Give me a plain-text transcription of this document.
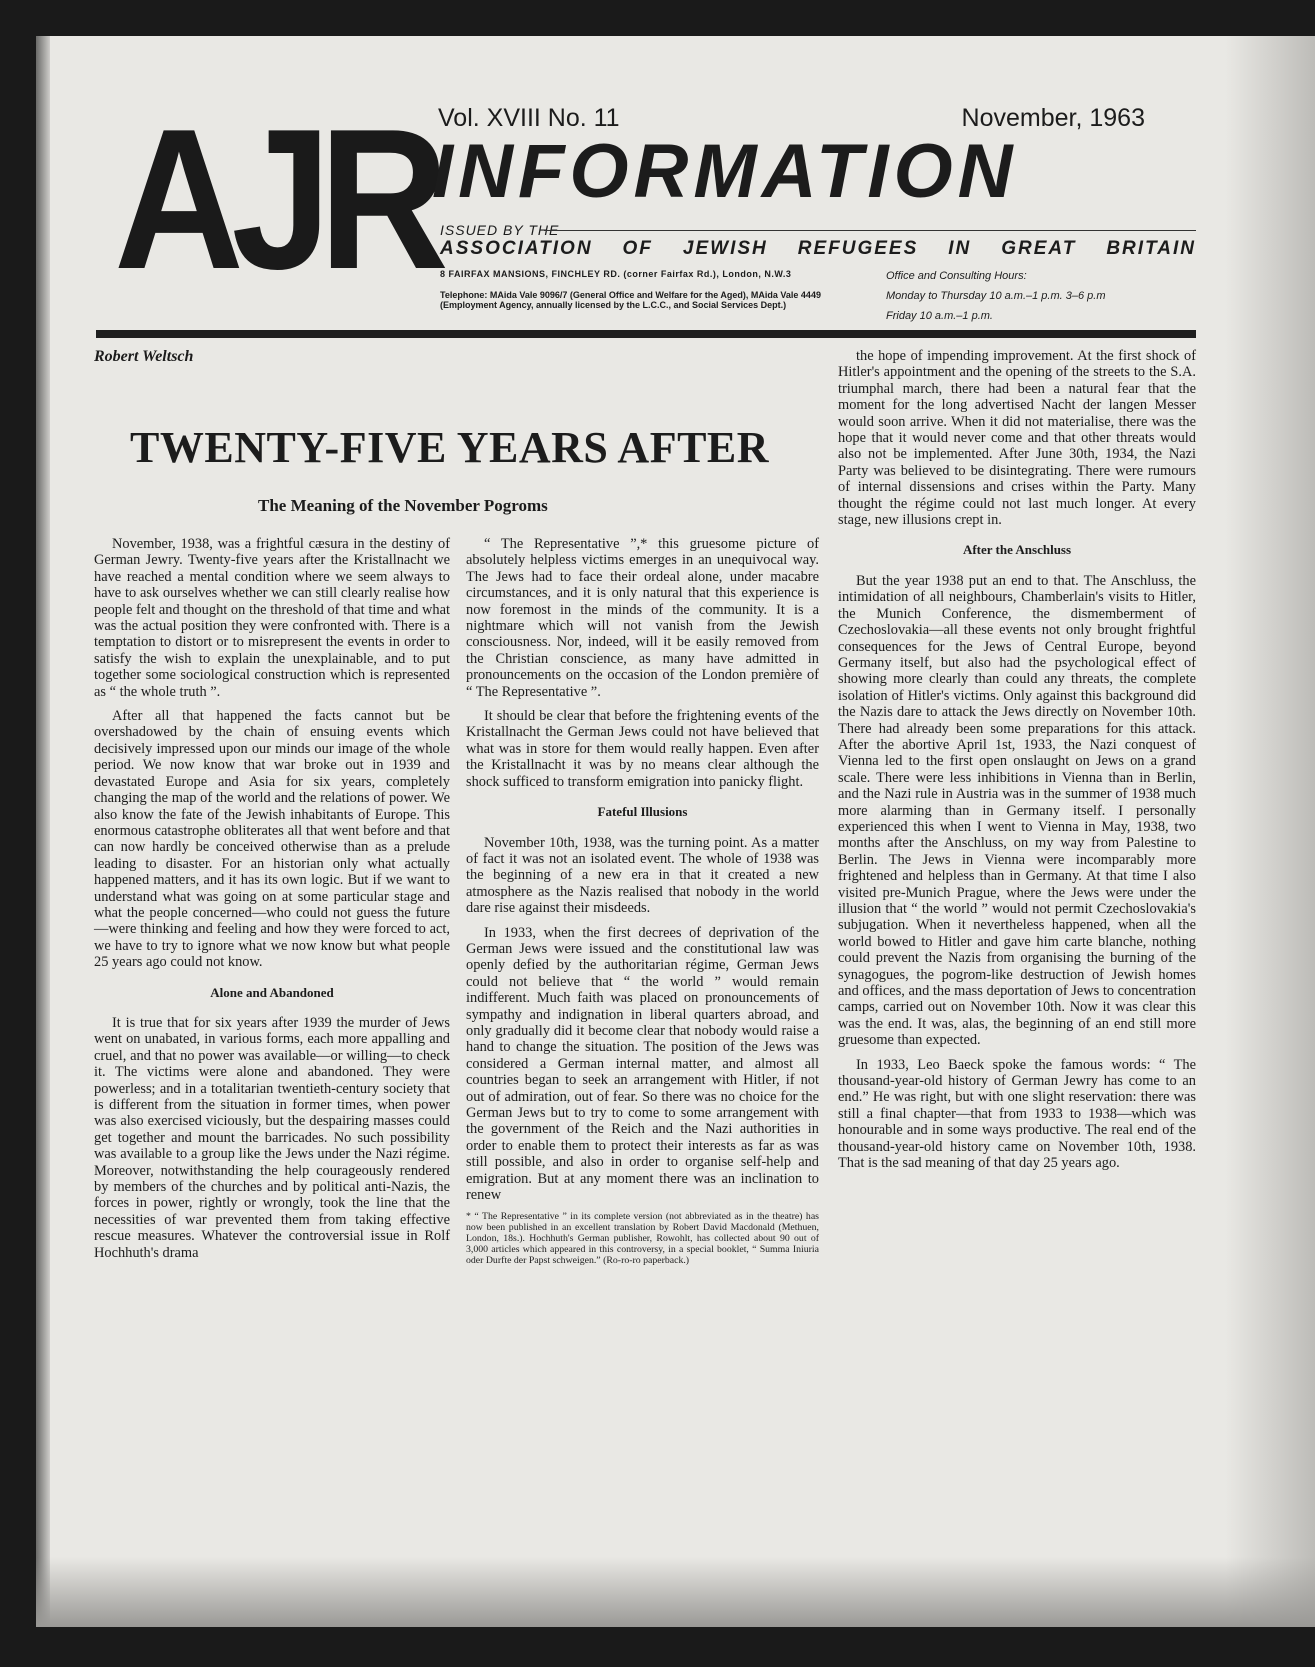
AJR Vol. XVIII No. 11	November, 1963
INFORMATION
ISSUED BY THE
ASSOCIATION OF JEWISH REFUGEES IN GREAT BRITAIN
8 FAIRFAX MANSIONS, FINCHLEY RD. (corner Fairfax Rd.), London, N.W.3
Telephone: MAida Vale 9096/7 (General Office and Welfare for the Aged), MAida Vale 4449 (Employment Agency, annually licensed by the L.C.C., and Social Services Dept.)
Office and Consulting Hours:
Monday to Thursday 10 a.m.–1 p.m. 3–6 p.m
Friday 10 a.m.–1 p.m.
Robert Weltsch
TWENTY-FIVE YEARS AFTER
The Meaning of the November Pogroms

November, 1938, was a frightful cæsura in the destiny of German Jewry. Twenty-five years after the Kristallnacht we have reached a mental condition where we seem always to have to ask ourselves whether we can still clearly realise how people felt and thought on the threshold of that time and what was the actual position they were confronted with. There is a temptation to distort or to misrepresent the events in order to satisfy the wish to explain the unexplainable, and to put together some sociological construction which is represented as “ the whole truth ”.

After all that happened the facts cannot but be overshadowed by the chain of ensuing events which decisively impressed upon our minds our image of the whole period. We now know that war broke out in 1939 and devastated Europe and Asia for six years, completely changing the map of the world and the relations of power. We also know the fate of the Jewish inhabitants of Europe. This enormous catastrophe obliterates all that went before and that can now hardly be conceived otherwise than as a prelude leading to disaster. For an historian only what actually happened matters, and it has its own logic. But if we want to understand what was going on at some particular stage and what the people concerned—who could not guess the future—were thinking and feeling and how they were forced to act, we have to try to ignore what we now know but what people 25 years ago could not know.

Alone and Abandoned

It is true that for six years after 1939 the murder of Jews went on unabated, in various forms, each more appalling and cruel, and that no power was available—or willing—to check it. The victims were alone and abandoned. They were powerless; and in a totalitarian twentieth-century society that is different from the situation in former times, when power was also exercised viciously, but the despairing masses could get together and mount the barricades. No such possibility was available to a group like the Jews under the Nazi régime. Moreover, notwithstanding the help courageously rendered by members of the churches and by political anti-Nazis, the forces in power, rightly or wrongly, took the line that the necessities of war prevented them from taking effective rescue measures. Whatever the controversial issue in Rolf Hochhuth's drama

“ The Representative ”,* this gruesome picture of absolutely helpless victims emerges in an unequivocal way. The Jews had to face their ordeal alone, under macabre circumstances, and it is only natural that this experience is now foremost in the minds of the community. It is a nightmare which will not vanish from the Jewish consciousness. Nor, indeed, will it be easily removed from the Christian conscience, as many have admitted in pronouncements on the occasion of the London première of “ The Representative ”.

It should be clear that before the frightening events of the Kristallnacht the German Jews could not have believed that what was in store for them would really happen. Even after the Kristallnacht it was by no means clear although the shock sufficed to transform emigration into panicky flight.

Fateful Illusions

November 10th, 1938, was the turning point. As a matter of fact it was not an isolated event. The whole of 1938 was the beginning of a new era in that it created a new atmosphere as the Nazis realised that nobody in the world dare rise against their misdeeds.

In 1933, when the first decrees of deprivation of the German Jews were issued and the constitutional law was openly defied by the authoritarian régime, German Jews could not believe that “ the world ” would remain indifferent. Much faith was placed on pronouncements of sympathy and indignation in liberal quarters abroad, and only gradually did it become clear that nobody would raise a hand to change the situation. The position of the Jews was considered a German internal matter, and almost all countries began to seek an arrangement with Hitler, if not out of admiration, out of fear. So there was no choice for the German Jews but to try to come to some arrangement with the government of the Reich and the Nazi authorities in order to enable them to protect their interests as far as was still possible, and also in order to organise self-help and emigration. But at any moment there was an inclination to renew

* “ The Representative ” in its complete version (not abbreviated as in the theatre) has now been published in an excellent translation by Robert David Macdonald (Methuen, London, 18s.). Hochhuth's German publisher, Rowohlt, has collected about 90 out of 3,000 articles which appeared in this controversy, in a special booklet, “ Summa Iniuria oder Durfte der Papst schweigen.” (Ro-ro-ro paperback.)

the hope of impending improvement. At the first shock of Hitler's appointment and the opening of the streets to the S.A. triumphal march, there had been a natural fear that the moment for the long advertised Nacht der langen Messer would soon arrive. When it did not materialise, there was the hope that it would never come and that other threats would also not be implemented. After June 30th, 1934, the Nazi Party was believed to be disintegrating. There were rumours of internal dissensions and crises within the Party. Many thought the régime could not last much longer. At every stage, new illusions crept in.

After the Anschluss

But the year 1938 put an end to that. The Anschluss, the intimidation of all neighbours, Chamberlain's visits to Hitler, the Munich Conference, the dismemberment of Czechoslovakia—all these events not only brought frightful consequences for the Jews of Central Europe, beyond Germany itself, but also had the psychological effect of showing more clearly than could any threats, the complete isolation of Hitler's victims. Only against this background did the Nazis dare to attack the Jews directly on November 10th. There had already been some preparations for this attack. After the abortive April 1st, 1933, the Nazi conquest of Vienna led to the first open onslaught on Jews on a grand scale. There were less inhibitions in Vienna than in Berlin, and the Nazi rule in Austria was in the summer of 1938 much more alarming than in Germany itself. I personally experienced this when I went to Vienna in May, 1938, two months after the Anschluss, on my way from Palestine to Berlin. The Jews in Vienna were incomparably more frightened and helpless than in Germany. At that time I also visited pre-Munich Prague, where the Jews were under the illusion that “ the world ” would not permit Czechoslovakia's subjugation. When it nevertheless happened, when all the world bowed to Hitler and gave him carte blanche, nothing could prevent the Nazis from organising the burning of the synagogues, the pogrom-like destruction of Jewish homes and offices, and the mass deportation of Jews to concentration camps, carried out on November 10th. Now it was clear this was the end. It was, alas, the beginning of an end still more gruesome than expected.

In 1933, Leo Baeck spoke the famous words: “ The thousand-year-old history of German Jewry has come to an end.” He was right, but with one slight reservation: there was still a final chapter—that from 1933 to 1938—which was honourable and in some ways productive. The real end of the thousand-year-old history came on November 10th, 1938. That is the sad meaning of that day 25 years ago.
